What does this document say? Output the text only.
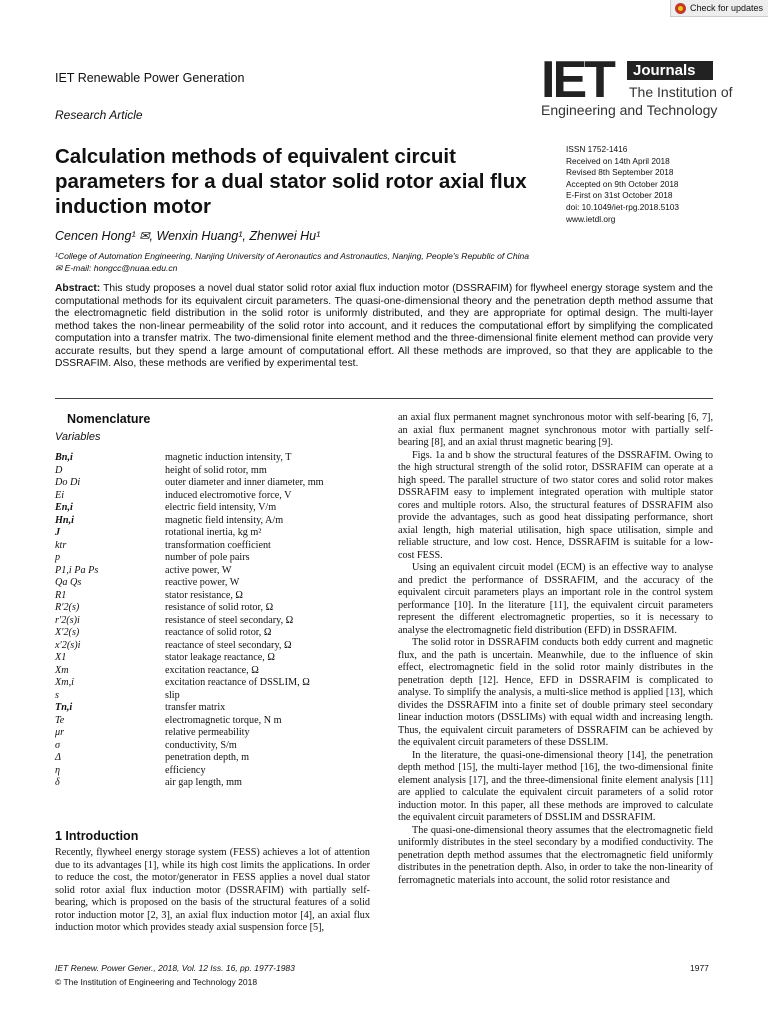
Check for updates
IET Renewable Power Generation
Research Article
IET	Journals
The Institution of
Engineering and Technology
Calculation methods of equivalent circuit parameters for a dual stator solid rotor axial flux induction motor
ISSN 1752-1416
Received on 14th April 2018
Revised 8th September 2018
Accepted on 9th October 2018
E-First on 31st October 2018
doi: 10.1049/iet-rpg.2018.5103
www.ietdl.org
Cencen Hong¹ ✉, Wenxin Huang¹, Zhenwei Hu¹
¹College of Automation Engineering, Nanjing University of Aeronautics and Astronautics, Nanjing, People's Republic of China
✉ E-mail: hongcc@nuaa.edu.cn
Abstract: This study proposes a novel dual stator solid rotor axial flux induction motor (DSSRAFIM) for flywheel energy storage system and the computational methods for its equivalent circuit parameters. The quasi-one-dimensional theory and the penetration depth method assume that the electromagnetic field distribution in the solid rotor is uniformly distributed, and they are appropriate for optimal design. The multi-layer method takes the non-linear permeability of the solid rotor into account, and it reduces the computational effort by simplifying the complicated computation into a transfer matrix. The two-dimensional finite element method and the three-dimensional finite element method can provide very accurate results, but they spend a large amount of computational effort. All these methods are improved, so that they are applicable to the DSSRAFIM. Also, these methods are verified by experimental test.
Nomenclature
Variables
Bn,i	magnetic induction intensity, T
D	height of solid rotor, mm
Do Di	outer diameter and inner diameter, mm
Ei	induced electromotive force, V
En,i	electric field intensity, V/m
Hn,i	magnetic field intensity, A/m
J	rotational inertia, kg m²
ktr	transformation coefficient
p	number of pole pairs
P1,i Pa Ps	active power, W
Qa Qs	reactive power, W
R1	stator resistance, Ω
R′2(s)	resistance of solid rotor, Ω
r′2(s)i	resistance of steel secondary, Ω
X′2(s)	reactance of solid rotor, Ω
x′2(s)i	reactance of steel secondary, Ω
X1	stator leakage reactance, Ω
Xm	excitation reactance, Ω
Xm,i	excitation reactance of DSSLIM, Ω
s	slip
Tn,i	transfer matrix
Te	electromagnetic torque, N m
μr	relative permeability
σ	conductivity, S/m
Δ	penetration depth, m
η	efficiency
δ	air gap length, mm
1 Introduction

Recently, flywheel energy storage system (FESS) achieves a lot of attention due to its advantages [1], while its high cost limits the applications. In order to reduce the cost, the motor/generator in FESS applies a novel dual stator solid rotor axial flux induction motor (DSSRAFIM) with partially self-bearing, which is proposed on the basis of the structural features of a solid rotor induction motor [2, 3], an axial flux induction motor [4], an axial flux induction motor which provides steady axial suspension force [5],

an axial flux permanent magnet synchronous motor with self-bearing [6, 7], an axial flux permanent magnet synchronous motor with partially self-bearing [8], and an axial thrust magnetic bearing [9].

Figs. 1a and b show the structural features of the DSSRAFIM. Owing to the high structural strength of the solid rotor, DSSRAFIM can operate at a high speed. The parallel structure of two stator cores and solid rotor makes DSSRAFIM easy to implement integrated operation with multiple stator cores and multiple rotors. Also, the structural features of DSSRAFIM also provide the advantages, such as good heat dissipating performance, short axial length, high material utilisation, high space utilisation, simple and reliable structure, and low cost. Hence, DSSRAFIM is suitable for a low-cost FESS.

Using an equivalent circuit model (ECM) is an effective way to analyse and predict the performance of DSSRAFIM, and the accuracy of the equivalent circuit parameters plays an important role in the control system performance [10]. In the literature [11], the equivalent circuit parameters represent the different electromagnetic properties, so it is necessary to analyse the electromagnetic field distribution (EFD) in DSSRAFIM.

The solid rotor in DSSRAFIM conducts both eddy current and magnetic flux, and the path is uncertain. Meanwhile, due to the influence of skin effect, electromagnetic field in the solid rotor mainly distributes in the penetration depth [12]. Hence, EFD in DSSRAFIM is complicated to analyse. To simplify the analysis, a multi-slice method is applied [13], which divides the DSSRAFIM into a finite set of double primary steel secondary linear induction motors (DSSLIMs) with equal width and increasing length. Thus, the equivalent circuit parameters of DSSRAFIM can be achieved by the equivalent circuit parameters of these DSSLIM.

In the literature, the quasi-one-dimensional theory [14], the penetration depth method [15], the multi-layer method [16], the two-dimensional finite element analysis [17], and the three-dimensional finite element analysis [11] are applied to calculate the equivalent circuit parameters of a solid rotor induction motor. In this paper, all these methods are improved to calculate the equivalent circuit parameters of DSSLIM and DSSRAFIM.

The quasi-one-dimensional theory assumes that the electromagnetic field uniformly distributes in the steel secondary by a modified conductivity. The penetration depth method assumes that the electromagnetic field uniformly distributes in the penetration depth. Also, in order to take the non-linearity of ferromagnetic materials into account, the solid rotor resistance and

IET Renew. Power Gener., 2018, Vol. 12 Iss. 16, pp. 1977-1983
© The Institution of Engineering and Technology 2018
1977
